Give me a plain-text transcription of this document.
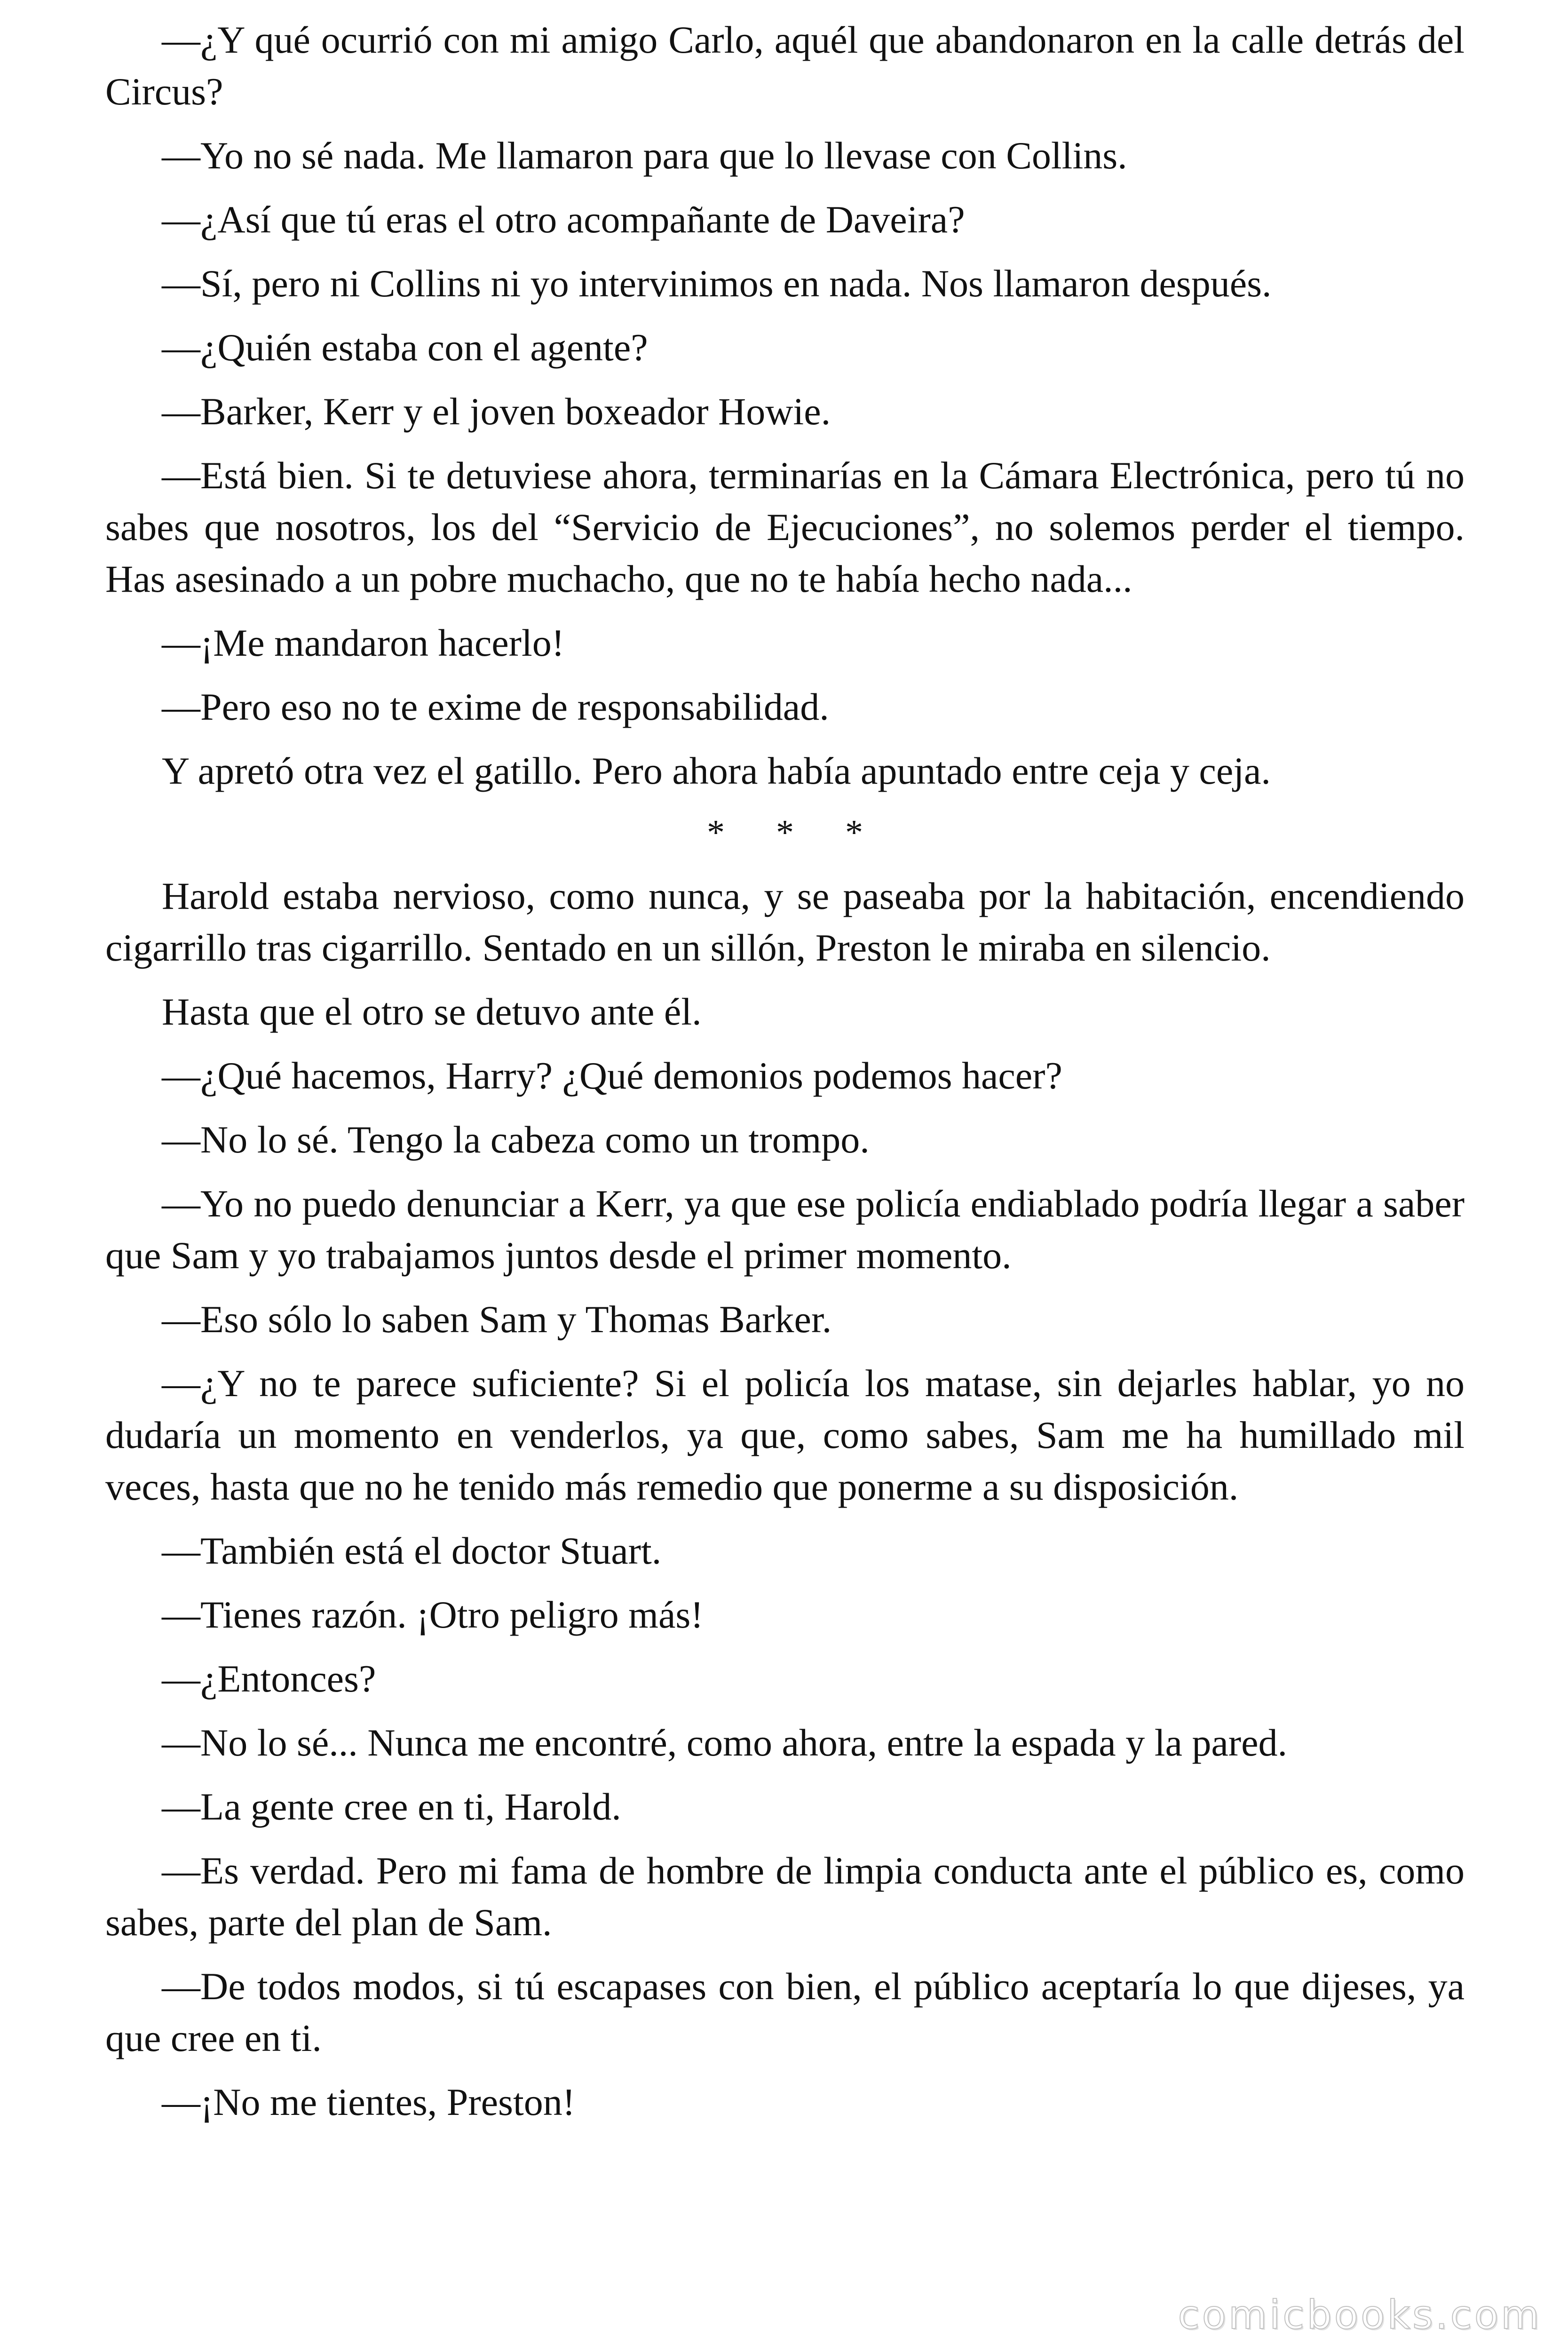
—¿Y qué ocurrió con mi amigo Carlo, aquél que abandonaron en la calle detrás del Circus?

—Yo no sé nada. Me llamaron para que lo llevase con Collins.

—¿Así que tú eras el otro acompañante de Daveira?

—Sí, pero ni Collins ni yo intervinimos en nada. Nos llamaron después.

—¿Quién estaba con el agente?

—Barker, Kerr y el joven boxeador Howie.

—Está bien. Si te detuviese ahora, terminarías en la Cámara Electrónica, pero tú no sabes que nosotros, los del “Servicio de Ejecuciones”, no solemos perder el tiempo. Has asesinado a un pobre muchacho, que no te había hecho nada...

—¡Me mandaron hacerlo!

—Pero eso no te exime de responsabilidad.

Y apretó otra vez el gatillo. Pero ahora había apuntado entre ceja y ceja.

* * *

Harold estaba nervioso, como nunca, y se paseaba por la habitación, encendiendo cigarrillo tras cigarrillo. Sentado en un sillón, Preston le miraba en silencio.

Hasta que el otro se detuvo ante él.

—¿Qué hacemos, Harry? ¿Qué demonios podemos hacer?

—No lo sé. Tengo la cabeza como un trompo.

—Yo no puedo denunciar a Kerr, ya que ese policía endiablado podría llegar a saber que Sam y yo trabajamos juntos desde el primer momento.

—Eso sólo lo saben Sam y Thomas Barker.

—¿Y no te parece suficiente? Si el policía los matase, sin dejarles hablar, yo no dudaría un momento en venderlos, ya que, como sabes, Sam me ha humillado mil veces, hasta que no he tenido más remedio que ponerme a su disposición.

—También está el doctor Stuart.

—Tienes razón. ¡Otro peligro más!

—¿Entonces?

—No lo sé... Nunca me encontré, como ahora, entre la espada y la pared.

—La gente cree en ti, Harold.

—Es verdad. Pero mi fama de hombre de limpia conducta ante el público es, como sabes, parte del plan de Sam.

—De todos modos, si tú escapases con bien, el público aceptaría lo que dijeses, ya que cree en ti.

—¡No me tientes, Preston!

comicbooks.com
